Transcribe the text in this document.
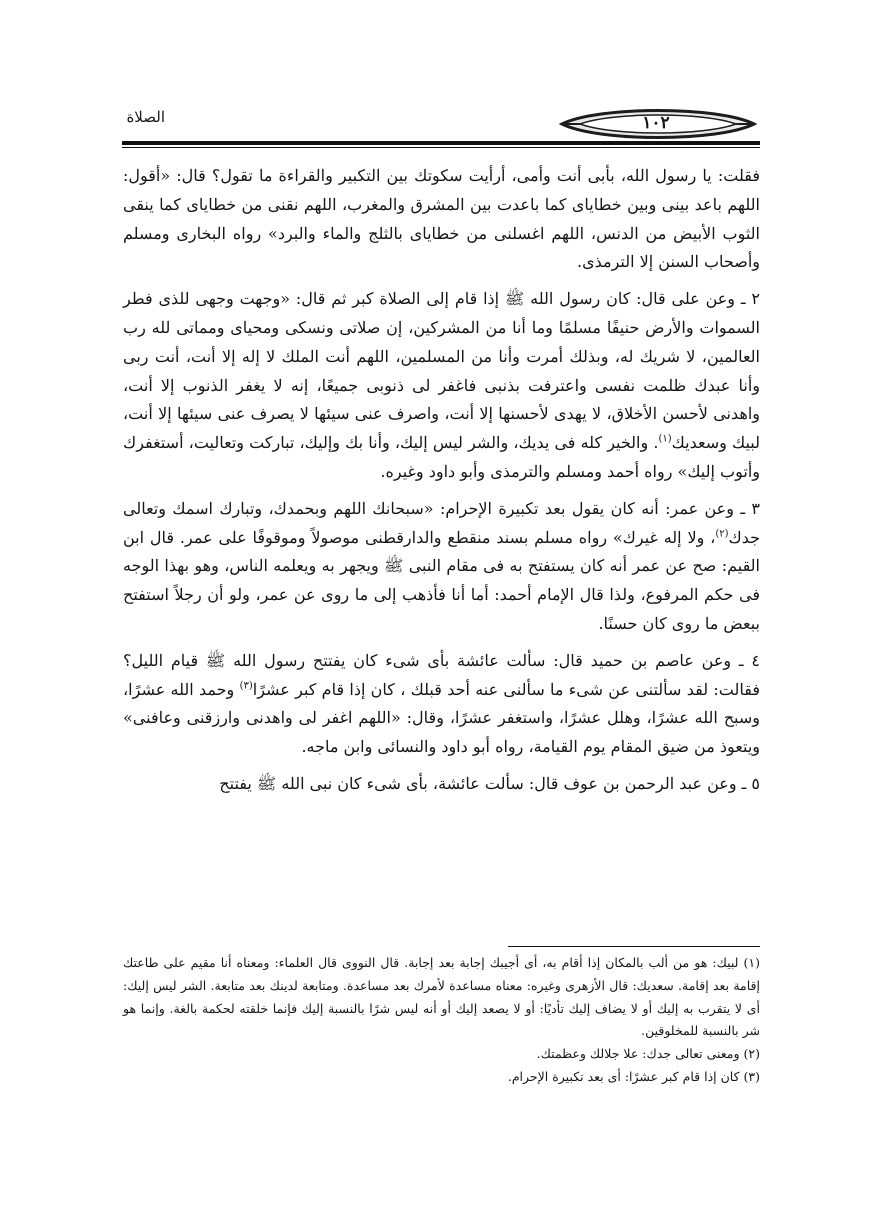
الصلاة	١٠٢

فقلت: يا رسول الله، بأبى أنت وأمى، أرأيت سكوتك بين التكبير والقراءة ما تقول؟ قال: «أقول: اللهم باعد بينى وبين خطاياى كما باعدت بين المشرق والمغرب، اللهم نقنى من خطاياى كما ينقى الثوب الأبيض من الدنس، اللهم اغسلنى من خطاياى بالثلج والماء والبرد» رواه البخارى ومسلم وأصحاب السنن إلا الترمذى.

٢ ـ وعن على قال: كان رسول الله ﷺ إذا قام إلى الصلاة كبر ثم قال: «وجهت وجهى للذى فطر السموات والأرض حنيفًا مسلمًا وما أنا من المشركين، إن صلاتى ونسكى ومحياى ومماتى لله رب العالمين، لا شريك له، وبذلك أمرت وأنا من المسلمين، اللهم أنت الملك لا إله إلا أنت، أنت ربى وأنا عبدك ظلمت نفسى واعترفت بذنبى فاغفر لى ذنوبى جميعًا، إنه لا يغفر الذنوب إلا أنت، واهدنى لأحسن الأخلاق، لا يهدى لأحسنها إلا أنت، واصرف عنى سيئها لا يصرف عنى سيئها إلا أنت، لبيك وسعديك$^{(١)}$. والخير كله فى يديك، والشر ليس إليك، وأنا بك وإليك، تباركت وتعاليت، أستغفرك وأتوب إليك» رواه أحمد ومسلم والترمذى وأبو داود وغيره.

٣ ـ وعن عمر: أنه كان يقول بعد تكبيرة الإحرام: «سبحانك اللهم وبحمدك، وتبارك اسمك وتعالى جدك$^{(٢)}$، ولا إله غيرك» رواه مسلم بسند منقطع والدارقطنى موصولاً وموقوفًا على عمر. قال ابن القيم: صح عن عمر أنه كان يستفتح به فى مقام النبى ﷺ ويجهر به ويعلمه الناس، وهو بهذا الوجه فى حكم المرفوع، ولذا قال الإمام أحمد: أما أنا فأذهب إلى ما روى عن عمر، ولو أن رجلاً استفتح ببعض ما روى كان حسنًا.

٤ ـ وعن عاصم بن حميد قال: سألت عائشة بأى شىء كان يفتتح رسول الله ﷺ قيام الليل؟ فقالت: لقد سألتنى عن شىء ما سألنى عنه أحد قبلك ، كان إذا قام كبر عشرًا$^{(٣)}$ وحمد الله عشرًا، وسبح الله عشرًا، وهلل عشرًا، واستغفر عشرًا، وقال: «اللهم اغفر لى واهدنى وارزقنى وعافنى» ويتعوذ من ضيق المقام يوم القيامة، رواه أبو داود والنسائى وابن ماجه.

٥ ـ وعن عبد الرحمن بن عوف قال: سألت عائشة، بأى شىء كان نبى الله ﷺ يفتتح

(١) لبيك: هو من ألب بالمكان إذا أقام به، أى أجيبك إجابة بعد إجابة. قال النووى قال العلماء: ومعناه أنا مقيم على طاعتك إقامة بعد إقامة. سعديك: قال الأزهرى وغيره: معناه مساعدة لأمرك بعد مساعدة. ومتابعة لدينك بعد متابعة. الشر ليس إليك: أى لا يتقرب به إليك أو لا يضاف إليك تأديًا: أو لا يصعد إليك أو أنه ليس شرًا بالنسبة إليك فإنما خلقته لحكمة بالغة. وإنما هو شر بالنسبة للمخلوقين.

(٢) ومعنى تعالى جدك: علا جلالك وعظمتك.

(٣) كان إذا قام كبر عشرًا: أى بعد تكبيرة الإحرام.
